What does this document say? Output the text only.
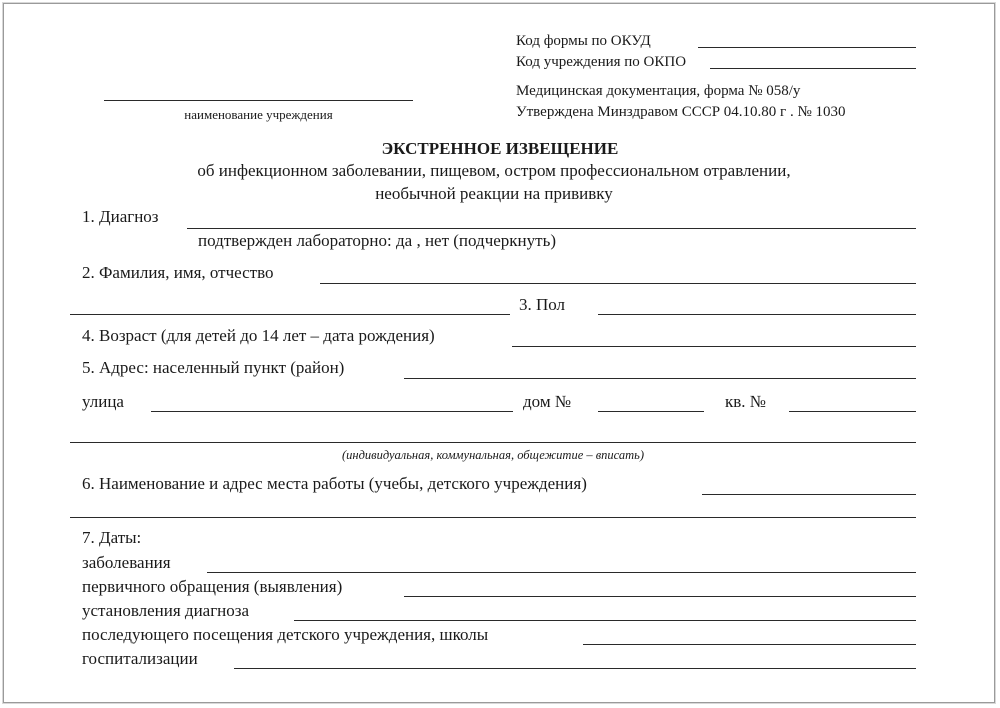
Код формы по ОКУД
Код учреждения по ОКПО
Медицинская документация, форма № 058/у
Утверждена Минздравом СССР 04.10.80 г . № 1030
наименование учреждения
ЭКСТРЕННОЕ ИЗВЕЩЕНИЕ
об инфекционном заболевании, пищевом, остром профессиональном отравлении,
необычной реакции на прививку
1. Диагноз
подтвержден лабораторно: да , нет (подчеркнуть)
2. Фамилия, имя, отчество
3. Пол
4. Возраст (для детей до 14 лет – дата рождения)
5. Адрес: населенный пункт (район)
улица	дом №	кв. №
(индивидуальная, коммунальная, общежитие – вписать)
6. Наименование и адрес места работы (учебы, детского учреждения)
7. Даты:
заболевания
первичного обращения (выявления)
установления диагноза
последующего посещения детского учреждения, школы
госпитализации
